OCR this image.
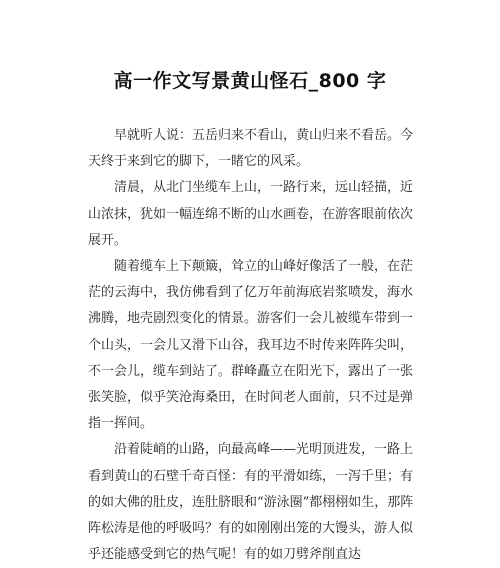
高一作文写景黄山怪石_800 字

早就听人说：五岳归来不看山，黄山归来不看岳。今天终于来到它的脚下，一睹它的风采。

清晨，从北门坐缆车上山，一路行来，远山轻描，近山浓抹，犹如一幅连绵不断的山水画卷，在游客眼前依次展开。

随着缆车上下颠簸，耸立的山峰好像活了一般，在茫茫的云海中，我仿佛看到了亿万年前海底岩浆喷发，海水沸腾，地壳剧烈变化的情景。游客们一会儿被缆车带到一个山头，一会儿又滑下山谷，我耳边不时传来阵阵尖叫，不一会儿，缆车到站了。群峰矗立在阳光下，露出了一张张笑脸，似乎笑沧海桑田，在时间老人面前，只不过是弹指一挥间。

沿着陡峭的山路，向最高峰——光明顶进发，一路上看到黄山的石壁千奇百怪：有的平滑如练，一泻千里；有的如大佛的肚皮，连肚脐眼和“游泳圈”都栩栩如生，那阵阵松涛是他的呼吸吗？有的如刚刚出笼的大馒头，游人似乎还能感受到它的热气呢！有的如刀劈斧削直达
